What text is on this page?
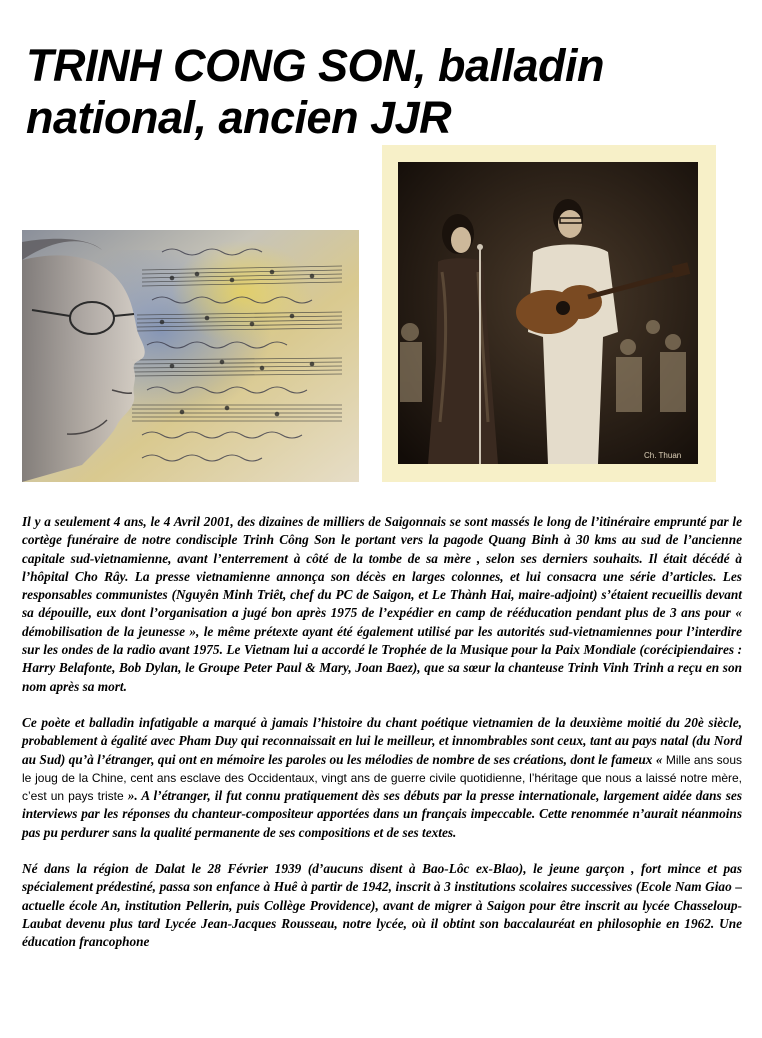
TRINH CONG SON, balladin national, ancien JJR
Ch. Thuan

Il y a seulement 4 ans, le 4 Avril 2001, des dizaines de milliers de Saigonnais se sont massés le long de l’itinéraire emprunté par le cortège funéraire de notre condisciple Trinh Công Son le portant vers la pagode Quang Binh à 30 kms au sud de l’ancienne capitale sud-vietnamienne, avant l’enterrement à côté de la tombe de sa mère , selon ses derniers souhaits. Il était décédé à l’hôpital Cho Rây. La presse vietnamienne annonça son décès en larges colonnes, et lui consacra une série d’articles. Les responsables communistes (Nguyên Minh Triêt, chef du PC de Saigon, et Le Thành Hai, maire-adjoint) s’étaient recueillis devant sa dépouille, eux dont l’organisation a jugé bon après 1975 de l’expédier en camp de rééducation pendant plus de 3 ans pour « démobilisation de la jeunesse », le même prétexte ayant été également utilisé par les autorités sud-vietnamiennes pour l’interdire sur les ondes de la radio avant 1975. Le Vietnam lui a accordé le Trophée de la Musique pour la Paix Mondiale (corécipiendaires : Harry Belafonte, Bob Dylan, le Groupe Peter Paul & Mary, Joan Baez), que sa sœur la chanteuse Trinh Vinh Trinh a reçu en son nom après sa mort.

Ce poète et balladin infatigable a marqué à jamais l’histoire du chant poétique vietnamien de la deuxième moitié du 20è siècle, probablement à égalité avec Pham Duy qui reconnaissait en lui le meilleur, et innombrables sont ceux, tant au pays natal (du Nord au Sud) qu’à l’étranger, qui ont en mémoire les paroles ou les mélodies de nombre de ses créations, dont le fameux « Mille ans sous le joug de la Chine, cent ans esclave des Occidentaux, vingt ans de guerre civile quotidienne, l’héritage que nous a laissé notre mère, c’est un pays triste ». A l’étranger, il fut connu pratiquement dès ses débuts par la presse internationale, largement aidée dans ses interviews par les réponses du chanteur-compositeur apportées dans un français impeccable. Cette renommée n’aurait néanmoins pas pu perdurer sans la qualité permanente de ses compositions et de ses textes.

Né dans la région de Dalat le 28 Février 1939 (d’aucuns disent à Bao-Lôc ex-Blao), le jeune garçon , fort mince et pas spécialement prédestiné, passa son enfance à Huê à partir de 1942, inscrit à 3 institutions scolaires successives (Ecole Nam Giao – actuelle école An, institution Pellerin, puis Collège Providence), avant de migrer à Saigon pour être inscrit au lycée Chasseloup-Laubat devenu plus tard Lycée Jean-Jacques Rousseau, notre lycée, où il obtint son baccalauréat en philosophie en 1962. Une éducation francophone
